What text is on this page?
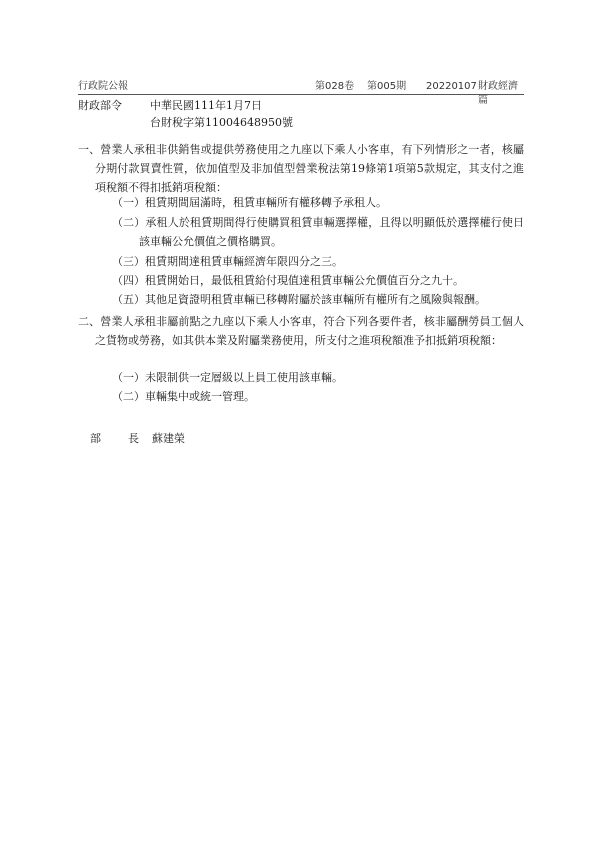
行政院公報	第028卷 第005期 20220107 財政經濟篇
財政部令	中華民國111年1月7日
台財稅字第11004648950號
一、營業人承租非供銷售或提供勞務使用之九座以下乘人小客車，有下列情形之一者，核屬分期付款買賣性質，依加值型及非加值型營業稅法第19條第1項第5款規定，其支付之進項稅額不得扣抵銷項稅額：
（一）租賃期間屆滿時，租賃車輛所有權移轉予承租人。
（二）承租人於租賃期間得行使購買租賃車輛選擇權，且得以明顯低於選擇權行使日該車輛公允價值之價格購買。
（三）租賃期間達租賃車輛經濟年限四分之三。
（四）租賃開始日，最低租賃給付現值達租賃車輛公允價值百分之九十。
（五）其他足資證明租賃車輛已移轉附屬於該車輛所有權所有之風險與報酬。
二、營業人承租非屬前點之九座以下乘人小客車，符合下列各要件者，核非屬酬勞員工個人之貨物或勞務，如其供本業及附屬業務使用，所支付之進項稅額准予扣抵銷項稅額：
（一）未限制供一定層級以上員工使用該車輛。
（二）車輛集中或統一管理。
部 長 蘇建榮
